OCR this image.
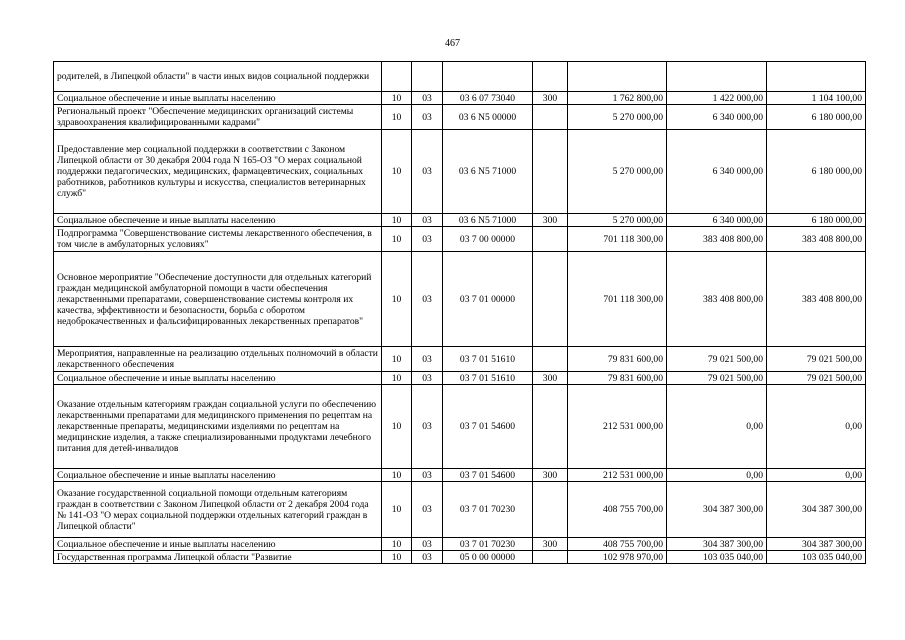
467
родителей, в Липецкой области" в части иных видов социальной поддержки							
Социальное обеспечение и иные выплаты населению	10	03	03 6 07 73040	300	1 762 800,00	1 422 000,00	1 104 100,00
Региональный проект "Обеспечение медицинских организаций системы здравоохранения квалифицированными кадрами"	10	03	03 6 N5 00000		5 270 000,00	6 340 000,00	6 180 000,00
Предоставление мер социальной поддержки в соответствии с Законом Липецкой области от 30 декабря 2004 года N 165-ОЗ "О мерах социальной поддержки педагогических, медицинских, фармацевтических, социальных работников, работников культуры и искусства, специалистов ветеринарных служб"	10	03	03 6 N5 71000		5 270 000,00	6 340 000,00	6 180 000,00
Социальное обеспечение и иные выплаты населению	10	03	03 6 N5 71000	300	5 270 000,00	6 340 000,00	6 180 000,00
Подпрограмма "Совершенствование системы лекарственного обеспечения, в том числе в амбулаторных условиях"	10	03	03 7 00 00000		701 118 300,00	383 408 800,00	383 408 800,00
Основное мероприятие "Обеспечение доступности для отдельных категорий граждан медицинской амбулаторной помощи в части обеспечения лекарственными препаратами, совершенствование системы контроля их качества, эффективности и безопасности, борьба с оборотом недоброкачественных и фальсифицированных лекарственных препаратов"	10	03	03 7 01 00000		701 118 300,00	383 408 800,00	383 408 800,00
Мероприятия, направленные на реализацию отдельных полномочий в области лекарственного обеспечения	10	03	03 7 01 51610		79 831 600,00	79 021 500,00	79 021 500,00
Социальное обеспечение и иные выплаты населению	10	03	03 7 01 51610	300	79 831 600,00	79 021 500,00	79 021 500,00
Оказание отдельным категориям граждан социальной услуги по обеспечению лекарственными препаратами для медицинского применения по рецептам на лекарственные препараты, медицинскими изделиями по рецептам на медицинские изделия, а также специализированными продуктами лечебного питания для детей-инвалидов	10	03	03 7 01 54600		212 531 000,00	0,00	0,00
Социальное обеспечение и иные выплаты населению	10	03	03 7 01 54600	300	212 531 000,00	0,00	0,00
Оказание государственной социальной помощи отдельным категориям граждан в соответствии с Законом Липецкой области от 2 декабря 2004 года № 141-ОЗ "О мерах социальной поддержки отдельных категорий граждан в Липецкой области"	10	03	03 7 01 70230		408 755 700,00	304 387 300,00	304 387 300,00
Социальное обеспечение и иные выплаты населению	10	03	03 7 01 70230	300	408 755 700,00	304 387 300,00	304 387 300,00
Государственная программа Липецкой области "Развитие	10	03	05 0 00 00000		102 978 970,00	103 035 040,00	103 035 040,00
